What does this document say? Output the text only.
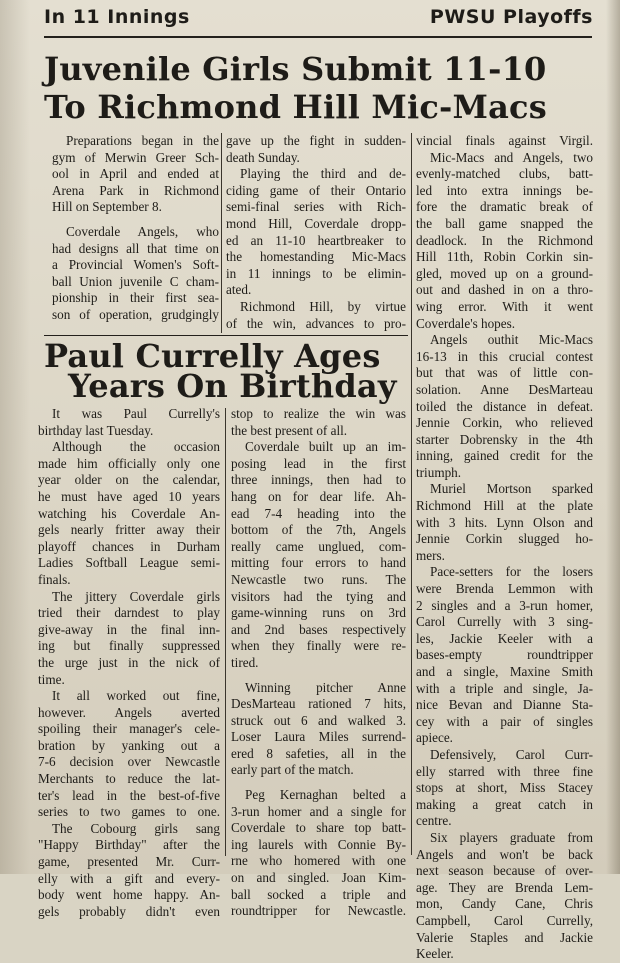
In 11 Innings	PWSU Playoffs
Juvenile Girls Submit 11-10
To Richmond Hill Mic-Macs
Preparations began in the
gym of Merwin Greer Sch-
ool in April and ended at
Arena Park in Richmond
Hill on September 8.
Coverdale Angels, who
had designs all that time on
a Provincial Women's Soft-
ball Union juvenile C cham-
pionship in their first sea-
son of operation, grudgingly
gave up the fight in sudden-
death Sunday.
Playing the third and de-
ciding game of their Ontario
semi-final series with Rich-
mond Hill, Coverdale dropp-
ed an 11-10 heartbreaker to
the homestanding Mic-Macs
in 11 innings to be elimin-
ated.
Richmond Hill, by virtue
of the win, advances to pro-
vincial finals against Virgil.
Mic-Macs and Angels, two
evenly-matched clubs, batt-
led into extra innings be-
fore the dramatic break of
the ball game snapped the
deadlock. In the Richmond
Hill 11th, Robin Corkin sin-
gled, moved up on a ground-
out and dashed in on a thro-
wing error. With it went
Coverdale's hopes.
Angels outhit Mic-Macs
16-13 in this crucial contest
but that was of little con-
solation. Anne DesMarteau
toiled the distance in defeat.
Jennie Corkin, who relieved
starter Dobrensky in the 4th
inning, gained credit for the
triumph.
Muriel Mortson sparked
Richmond Hill at the plate
with 3 hits. Lynn Olson and
Jennie Corkin slugged ho-
mers.
Pace-setters for the losers
were Brenda Lemmon with
2 singles and a 3-run homer,
Carol Currelly with 3 sing-
les, Jackie Keeler with a
bases-empty roundtripper
and a single, Maxine Smith
with a triple and single, Ja-
nice Bevan and Dianne Sta-
cey with a pair of singles
apiece.
Defensively, Carol Curr-
elly starred with three fine
stops at short, Miss Stacey
making a great catch in
centre.
Six players graduate from
Angels and won't be back
next season because of over-
age. They are Brenda Lem-
mon, Candy Cane, Chris
Campbell, Carol Currelly,
Valerie Staples and Jackie
Keeler.
Paul Currelly Ages
Years On Birthday
It was Paul Currelly's
birthday last Tuesday.
Although the occasion
made him officially only one
year older on the calendar,
he must have aged 10 years
watching his Coverdale An-
gels nearly fritter away their
playoff chances in Durham
Ladies Softball League semi-
finals.
The jittery Coverdale girls
tried their darndest to play
give-away in the final inn-
ing but finally suppressed
the urge just in the nick of
time.
It all worked out fine,
however. Angels averted
spoiling their manager's cele-
bration by yanking out a
7-6 decision over Newcastle
Merchants to reduce the lat-
ter's lead in the best-of-five
series to two games to one.
The Cobourg girls sang
"Happy Birthday" after the
game, presented Mr. Curr-
elly with a gift and every-
body went home happy. An-
gels probably didn't even
stop to realize the win was
the best present of all.
Coverdale built up an im-
posing lead in the first
three innings, then had to
hang on for dear life. Ah-
ead 7-4 heading into the
bottom of the 7th, Angels
really came unglued, com-
mitting four errors to hand
Newcastle two runs. The
visitors had the tying and
game-winning runs on 3rd
and 2nd bases respectively
when they finally were re-
tired.
Winning pitcher Anne
DesMarteau rationed 7 hits,
struck out 6 and walked 3.
Loser Laura Miles surrend-
ered 8 safeties, all in the
early part of the match.
Peg Kernaghan belted a
3-run homer and a single for
Coverdale to share top batt-
ing laurels with Connie By-
rne who homered with one
on and singled. Joan Kim-
ball socked a triple and
roundtripper for Newcastle.
